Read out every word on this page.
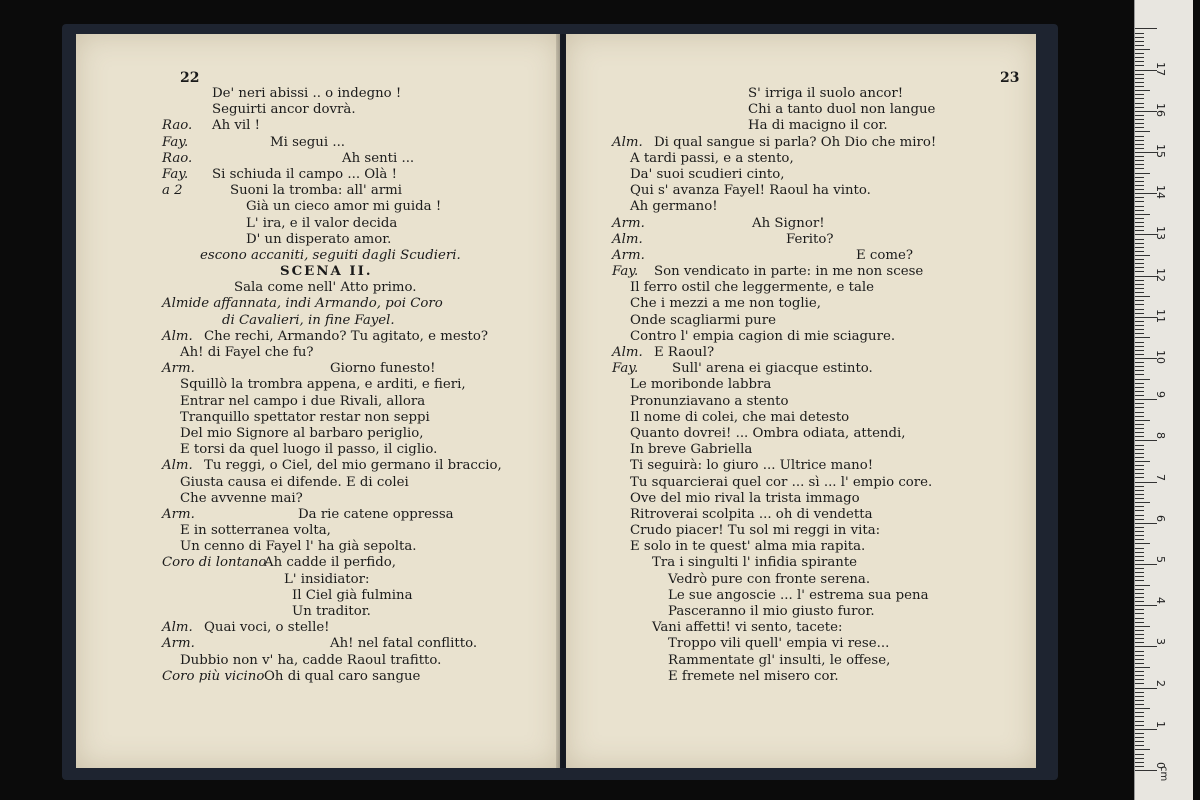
22
De' neri abissi .. o indegno !
Seguirti ancor dovrà.
Rao. Ah vil !
Fay.	Mi segui ...
Rao.	Ah senti ...
Fay. Si schiuda il campo ... Olà !
a 2	Suoni la tromba: all' armi
Già un cieco amor mi guida !
L' ira, e il valor decida
D' un disperato amor.
escono accaniti, seguiti dagli Scudieri.
SCENA II.
Sala come nell' Atto primo.
Almide affannata, indi Armando, poi Coro
di Cavalieri, in fine Fayel.
Alm. Che rechi, Armando? Tu agitato, e mesto?
Ah! di Fayel che fu?
Arm.	Giorno funesto!
Squillò la trombra appena, e arditi, e fieri,
Entrar nel campo i due Rivali, allora
Tranquillo spettator restar non seppi
Del mio Signore al barbaro periglio,
E torsi da quel luogo il passo, il ciglio.
Alm. Tu reggi, o Ciel, del mio germano il braccio,
Giusta causa ei difende. E di colei
Che avvenne mai?
Arm.	Da rie catene oppressa
E in sotterranea volta,
Un cenno di Fayel l' ha già sepolta.
Coro di lontano
Ah cadde il perfido,
L' insidiator:
Il Ciel già fulmina
Un traditor.
Alm. Quai voci, o stelle!
Arm.	Ah! nel fatal conflitto.
Dubbio non v' ha, cadde Raoul trafitto.
Coro più vicino Oh di qual caro sangue
23
S' irriga il suolo ancor!
Chi a tanto duol non langue
Ha di macigno il cor.
Alm. Di qual sangue si parla? Oh Dio che miro!
A tardi passi, e a stento,
Da' suoi scudieri cinto,
Qui s' avanza Fayel! Raoul ha vinto.
Ah germano!
Arm.	Ah Signor!
Alm.	Ferito?
Arm.	E come?
Fay. Son vendicato in parte: in me non scese
Il ferro ostil che leggermente, e tale
Che i mezzi a me non toglie,
Onde scagliarmi pure
Contro l' empia cagion di mie sciagure.
Alm. E Raoul?
Fay.	Sull' arena ei giacque estinto.
Le moribonde labbra
Pronunziavano a stento
Il nome di colei, che mai detesto
Quanto dovrei! ... Ombra odiata, attendi,
In breve Gabriella
Ti seguirà: lo giuro ... Ultrice mano!
Tu squarcierai quel cor ... sì ... l' empio core.
Ove del mio rival la trista immago
Ritroverai scolpita ... oh di vendetta
Crudo piacer! Tu sol mi reggi in vita:
E solo in te quest' alma mia rapita.
Tra i singulti l' infidia spirante
Vedrò pure con fronte serena.
Le sue angoscie ... l' estrema sua pena
Pasceranno il mio giusto furor.
Vani affetti! vi sento, tacete:
Troppo vili quell' empia vi rese...
Rammentate gl' insulti, le offese,
E fremete nel misero cor.
cm
0
1
2
3
4
5
6
7
8
9
10
11
12
13
14
15
16
17
